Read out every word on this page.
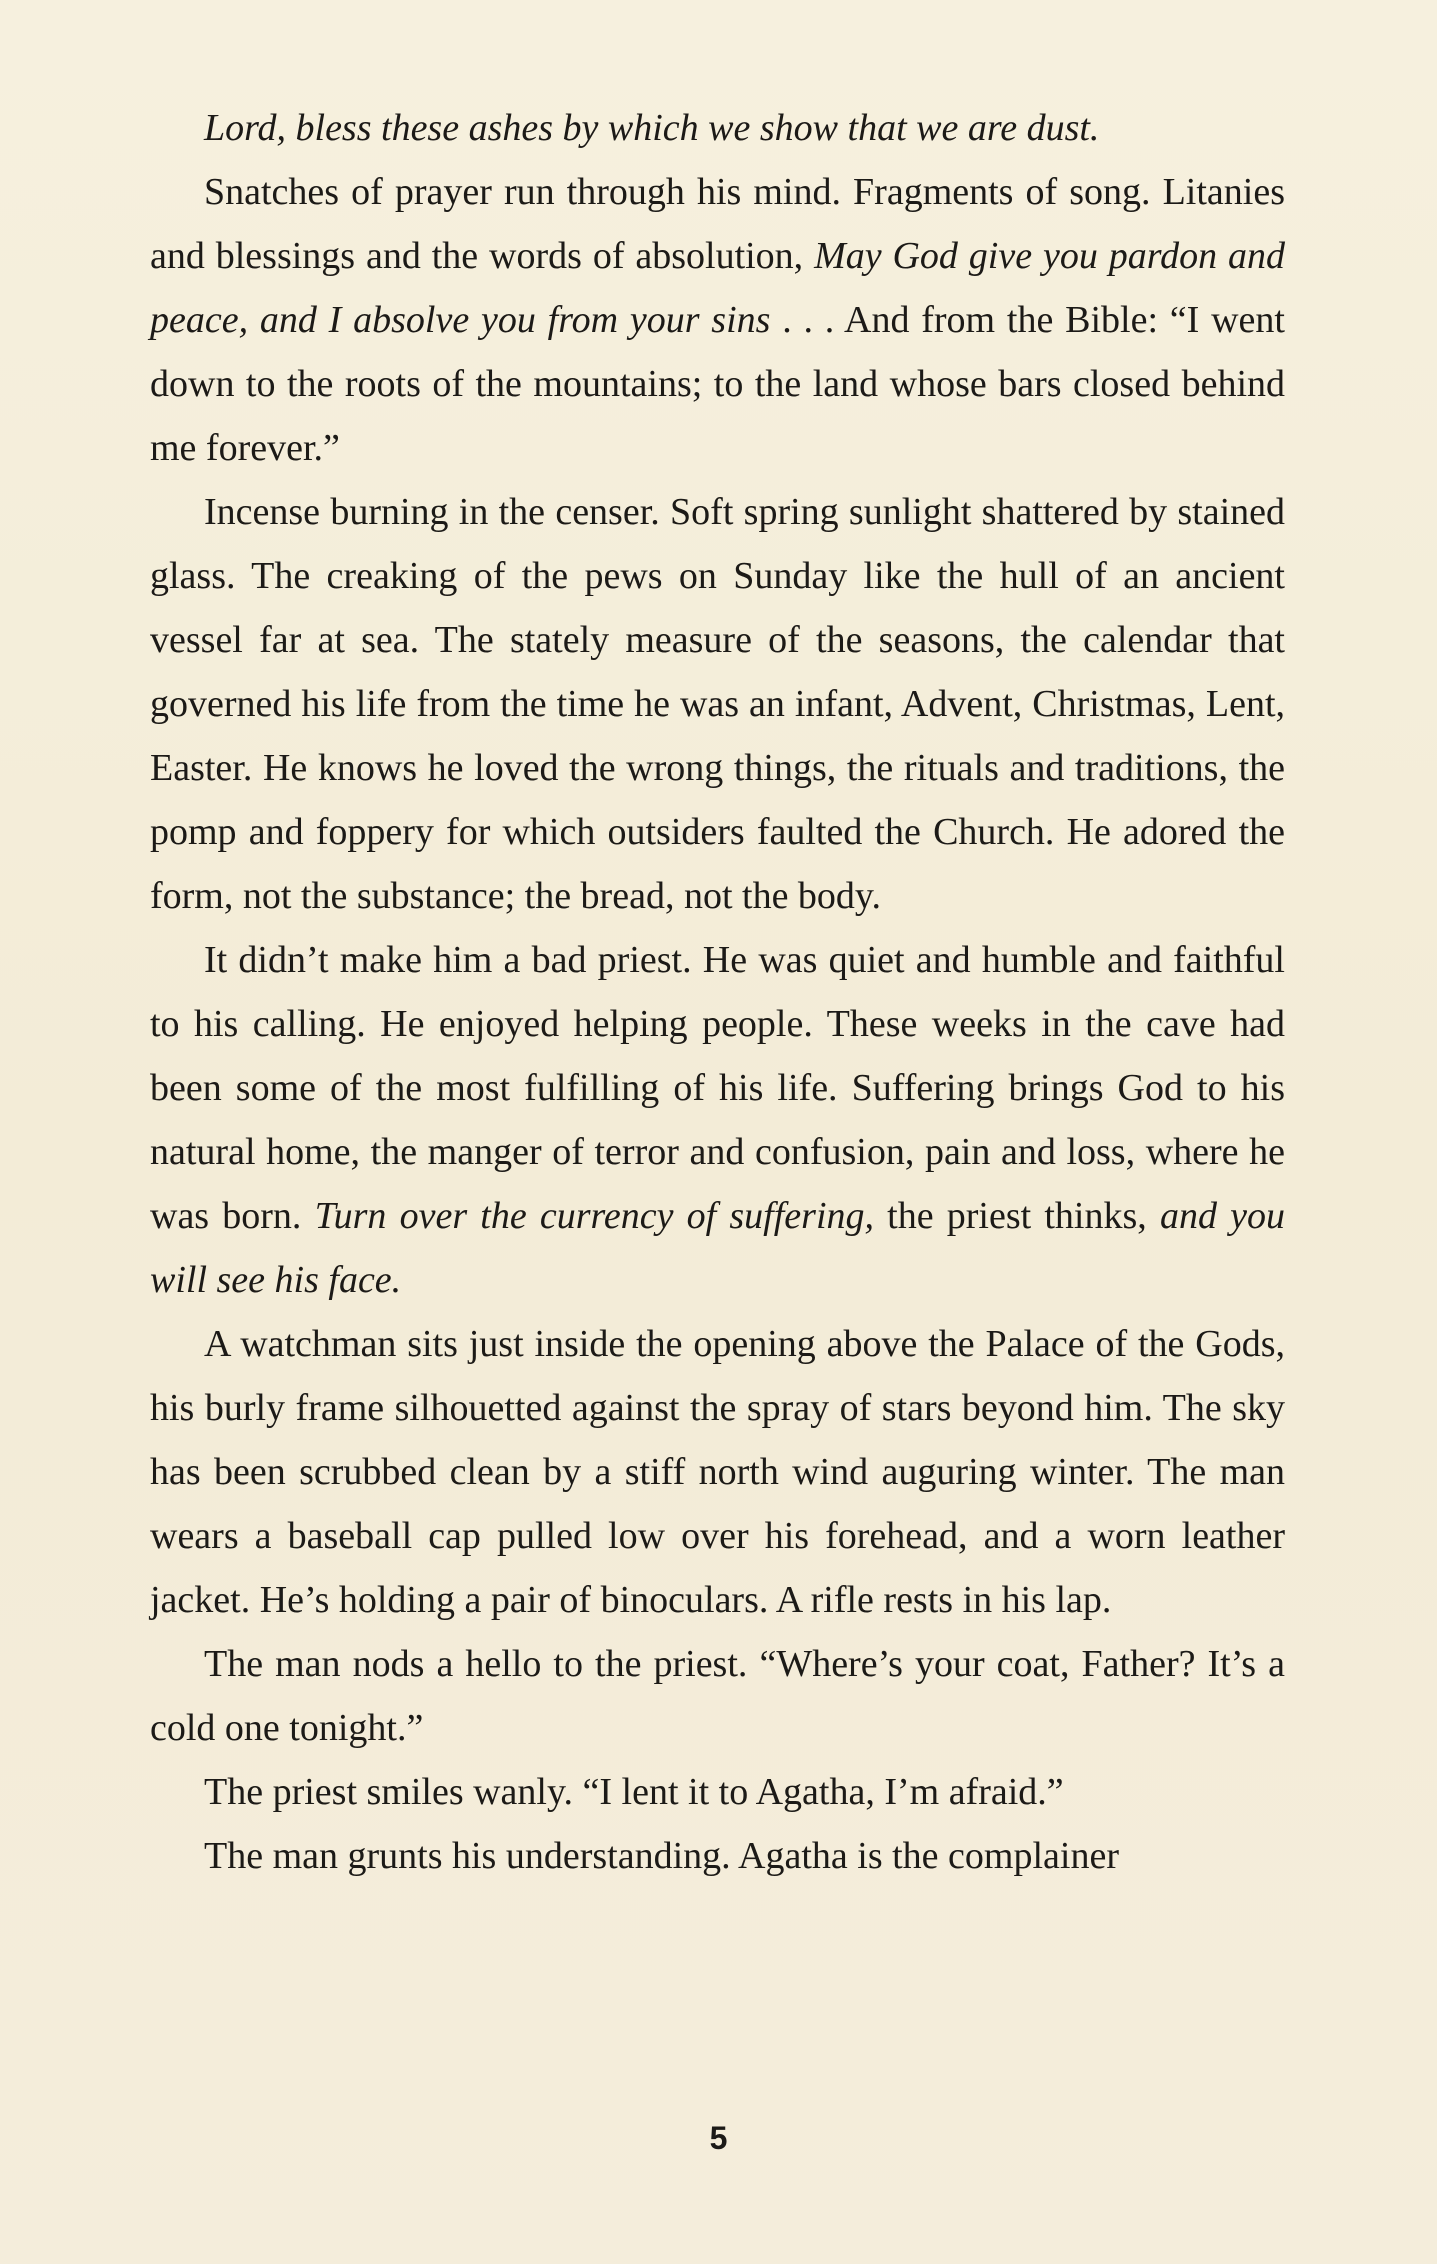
Lord, bless these ashes by which we show that we are dust.

Snatches of prayer run through his mind. Fragments of song. Litanies and blessings and the words of absolution, May God give you pardon and peace, and I absolve you from your sins . . . And from the Bible: “I went down to the roots of the mountains; to the land whose bars closed behind me forever.”

Incense burning in the censer. Soft spring sunlight shattered by stained glass. The creaking of the pews on Sunday like the hull of an ancient vessel far at sea. The stately measure of the seasons, the calendar that governed his life from the time he was an infant, Advent, Christmas, Lent, Easter. He knows he loved the wrong things, the rituals and traditions, the pomp and foppery for which outsiders faulted the Church. He adored the form, not the substance; the bread, not the body.

It didn’t make him a bad priest. He was quiet and humble and faithful to his calling. He enjoyed helping people. These weeks in the cave had been some of the most fulfilling of his life. Suffering brings God to his natural home, the manger of terror and confusion, pain and loss, where he was born. Turn over the currency of suffering, the priest thinks, and you will see his face.

A watchman sits just inside the opening above the Palace of the Gods, his burly frame silhouetted against the spray of stars beyond him. The sky has been scrubbed clean by a stiff north wind auguring winter. The man wears a baseball cap pulled low over his forehead, and a worn leather jacket. He’s holding a pair of binoculars. A rifle rests in his lap.

The man nods a hello to the priest. “Where’s your coat, Father? It’s a cold one tonight.”

The priest smiles wanly. “I lent it to Agatha, I’m afraid.”

The man grunts his understanding. Agatha is the complainer

5
